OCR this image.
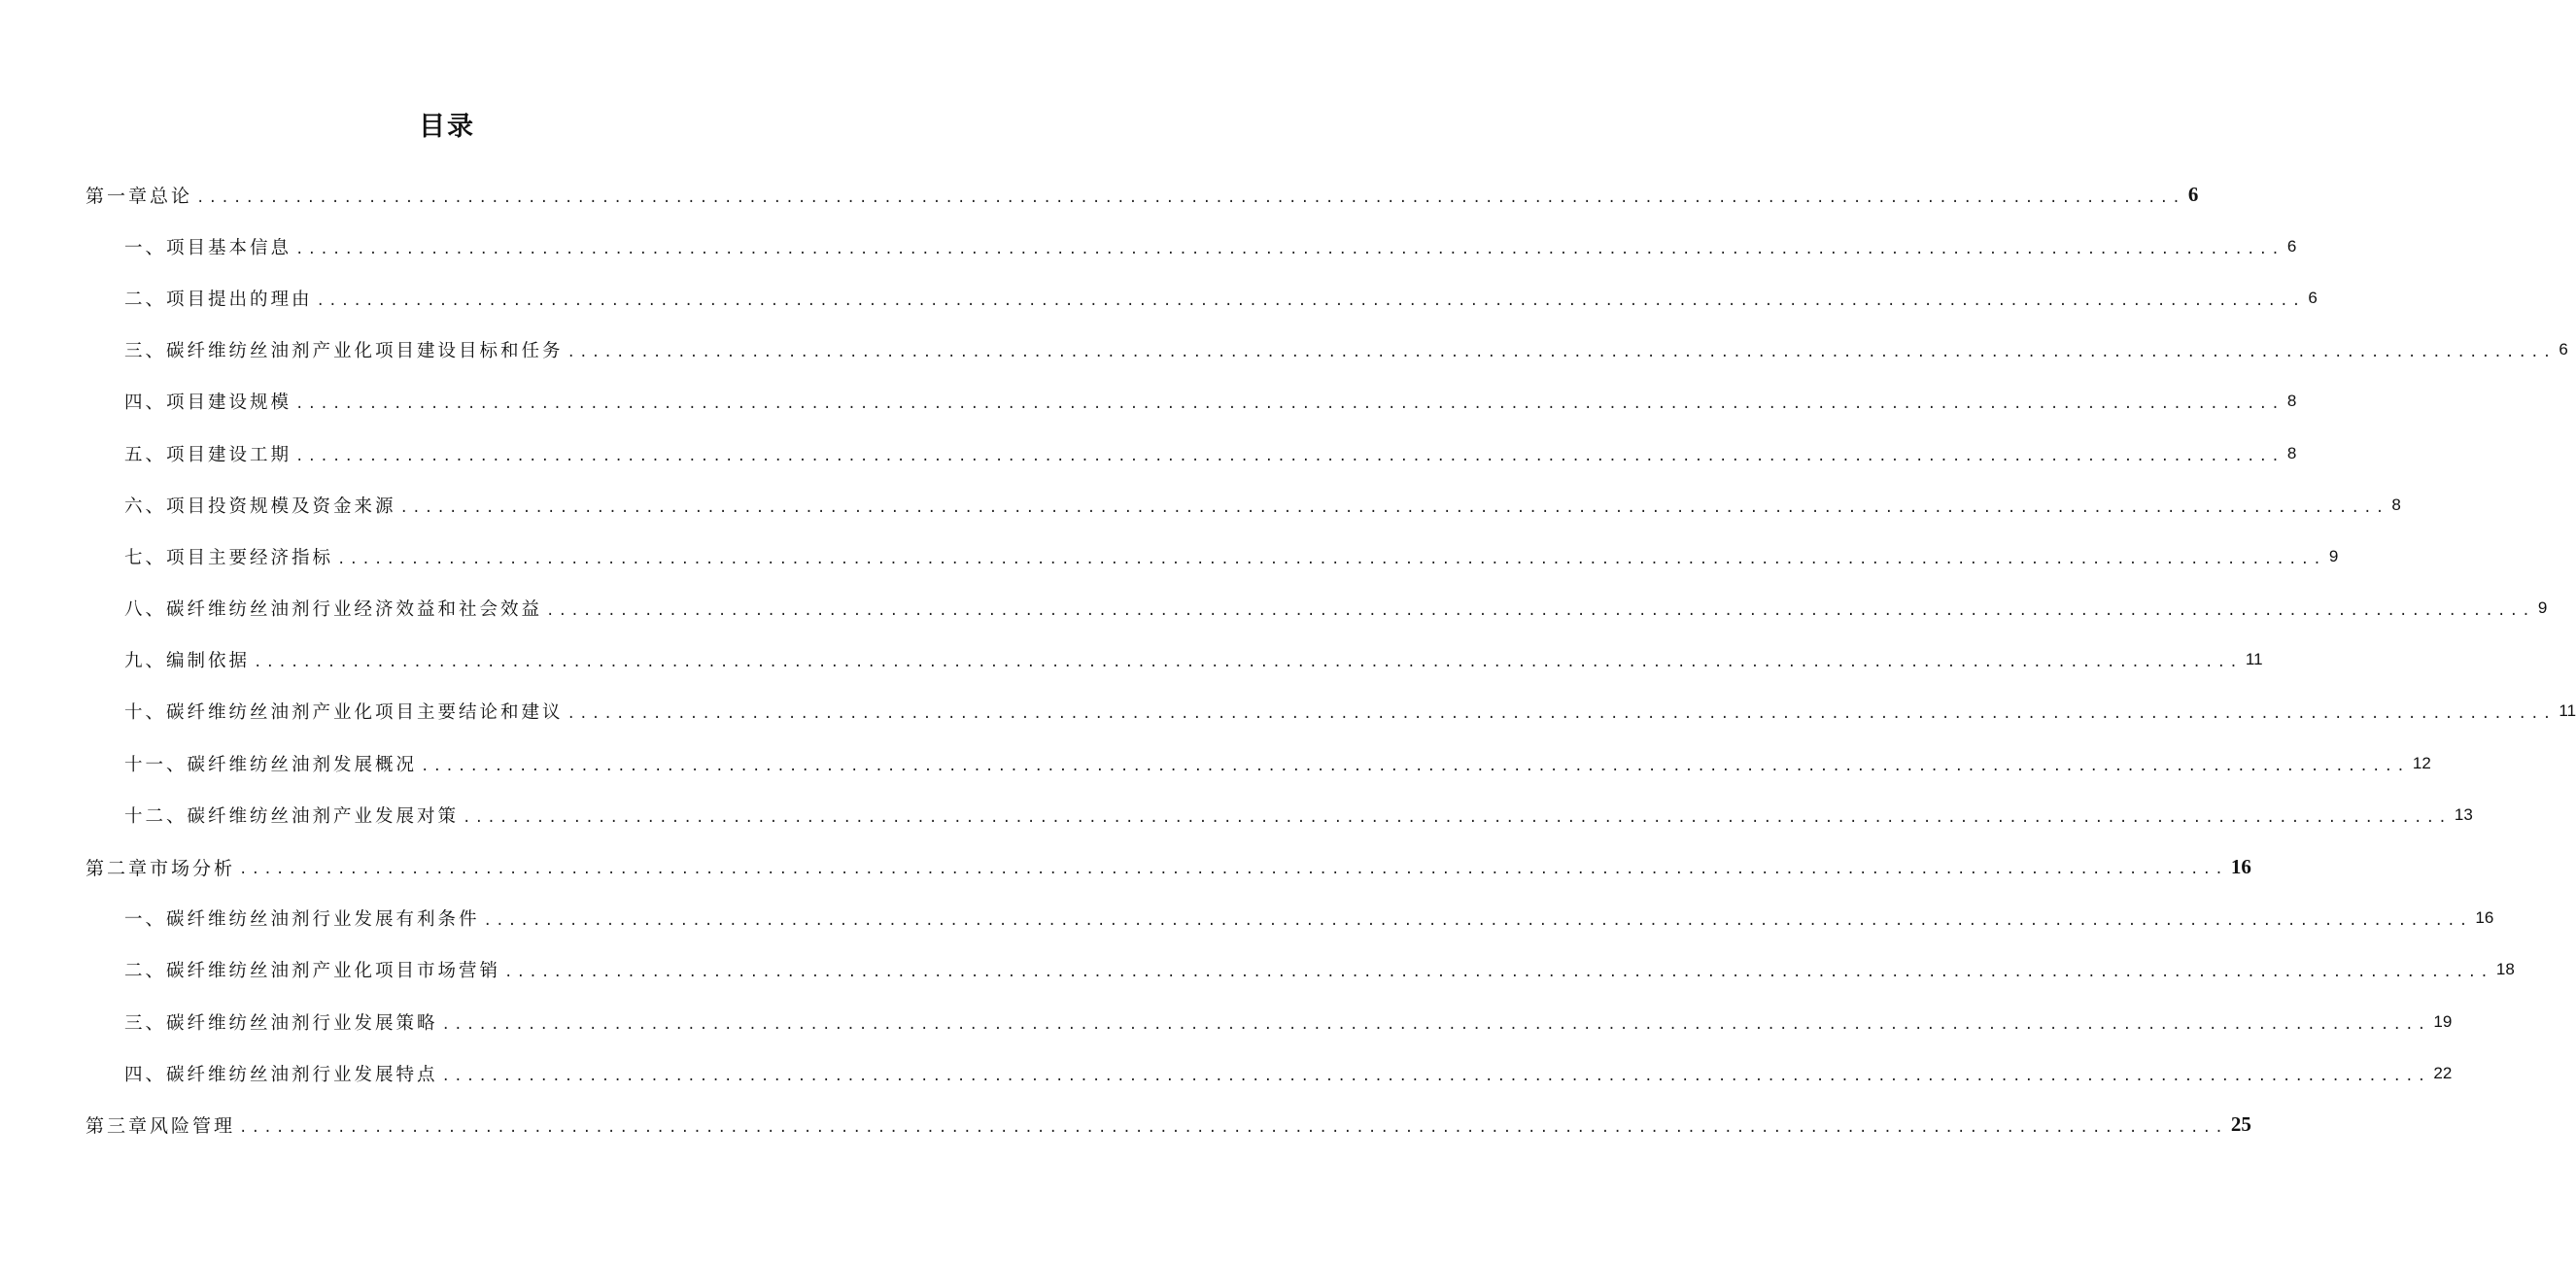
目录
第一章总论 .................................................................................................................................................................. 6
一、项目基本信息 .................................................................................................................................................................. 6
二、项目提出的理由 .................................................................................................................................................................. 6
三、碳纤维纺丝油剂产业化项目建设目标和任务 .................................................................................................................................................................. 6
四、项目建设规模 .................................................................................................................................................................. 8
五、项目建设工期 .................................................................................................................................................................. 8
六、项目投资规模及资金来源 .................................................................................................................................................................. 8
七、项目主要经济指标 .................................................................................................................................................................. 9
八、碳纤维纺丝油剂行业经济效益和社会效益 .................................................................................................................................................................. 9
九、编制依据 .................................................................................................................................................................. 11
十、碳纤维纺丝油剂产业化项目主要结论和建议 .................................................................................................................................................................. 11
十一、碳纤维纺丝油剂发展概况 .................................................................................................................................................................. 12
十二、碳纤维纺丝油剂产业发展对策 .................................................................................................................................................................. 13
第二章市场分析 .................................................................................................................................................................. 16
一、碳纤维纺丝油剂行业发展有利条件 .................................................................................................................................................................. 16
二、碳纤维纺丝油剂产业化项目市场营销 .................................................................................................................................................................. 18
三、碳纤维纺丝油剂行业发展策略 .................................................................................................................................................................. 19
四、碳纤维纺丝油剂行业发展特点 .................................................................................................................................................................. 22
第三章风险管理 .................................................................................................................................................................. 25
